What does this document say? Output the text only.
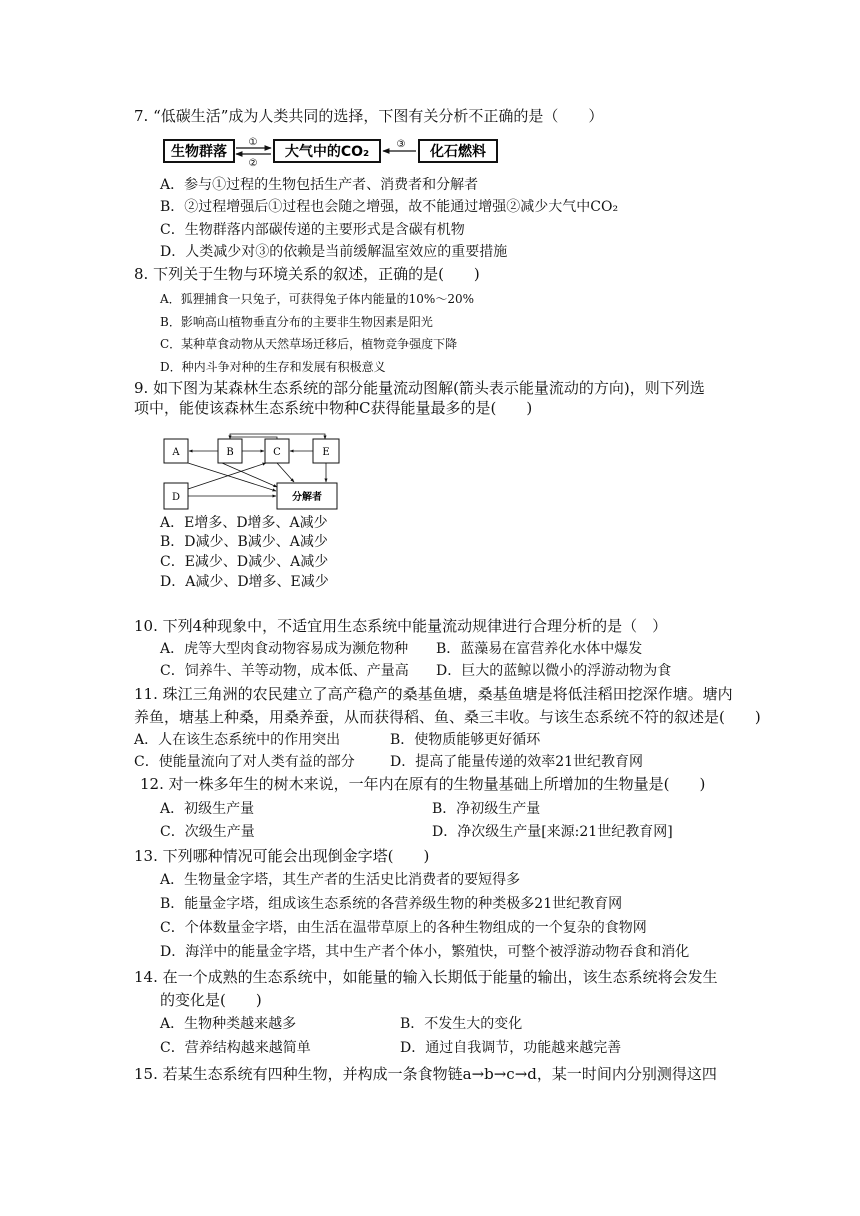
7. “低碳生活”成为人类共同的选择，下图有关分析不正确的是（　　）
生物群落
①
②
大气中的CO₂	③ 化石燃料
A．参与①过程的生物包括生产者、消费者和分解者
B．②过程增强后①过程也会随之增强，故不能通过增强②减少大气中CO₂
C．生物群落内部碳传递的主要形式是含碳有机物
D．人类减少对③的依赖是当前缓解温室效应的重要措施
8. 下列关于生物与环境关系的叙述，正确的是(　　)
A．狐狸捕食一只兔子，可获得兔子体内能量的10%～20%
B．影响高山植物垂直分布的主要非生物因素是阳光
C．某种草食动物从天然草场迁移后，植物竞争强度下降
D．种内斗争对种的生存和发展有积极意义
9. 如下图为某森林生态系统的部分能量流动图解(箭头表示能量流动的方向)，则下列选
项中，能使该森林生态系统中物种C获得能量最多的是(　　)
A	B	C	E
D	分解者
A．E增多、D增多、A减少
B．D减少、B减少、A减少
C．E减少、D减少、A减少
D．A减少、D增多、E减少
10. 下列4种现象中，不适宜用生态系统中能量流动规律进行合理分析的是（　）
A．虎等大型肉食动物容易成为濒危物种 B．蓝藻易在富营养化水体中爆发
C．饲养牛、羊等动物，成本低、产量高 D．巨大的蓝鲸以微小的浮游动物为食
11. 珠江三角洲的农民建立了高产稳产的桑基鱼塘，桑基鱼塘是将低洼稻田挖深作塘。塘内
养鱼，塘基上种桑，用桑养蚕，从而获得稻、鱼、桑三丰收。与该生态系统不符的叙述是(　　)
A．人在该生态系统中的作用突出	B．使物质能够更好循环
C．使能量流向了对人类有益的部分	D．提高了能量传递的效率21世纪教育网
12. 对一株多年生的树木来说，一年内在原有的生物量基础上所增加的生物量是(　　)
A．初级生产量	B．净初级生产量
C．次级生产量	D．净次级生产量[来源:21世纪教育网]
13. 下列哪种情况可能会出现倒金字塔(　　)
A．生物量金字塔，其生产者的生活史比消费者的要短得多
B．能量金字塔，组成该生态系统的各营养级生物的种类极多21世纪教育网
C．个体数量金字塔，由生活在温带草原上的各种生物组成的一个复杂的食物网
D．海洋中的能量金字塔，其中生产者个体小，繁殖快，可整个被浮游动物吞食和消化
14. 在一个成熟的生态系统中，如能量的输入长期低于能量的输出，该生态系统将会发生
的变化是(　　)
A．生物种类越来越多	B．不发生大的变化
C．营养结构越来越简单	D．通过自我调节，功能越来越完善
15. 若某生态系统有四种生物，并构成一条食物链a→b→c→d，某一时间内分别测得这四
